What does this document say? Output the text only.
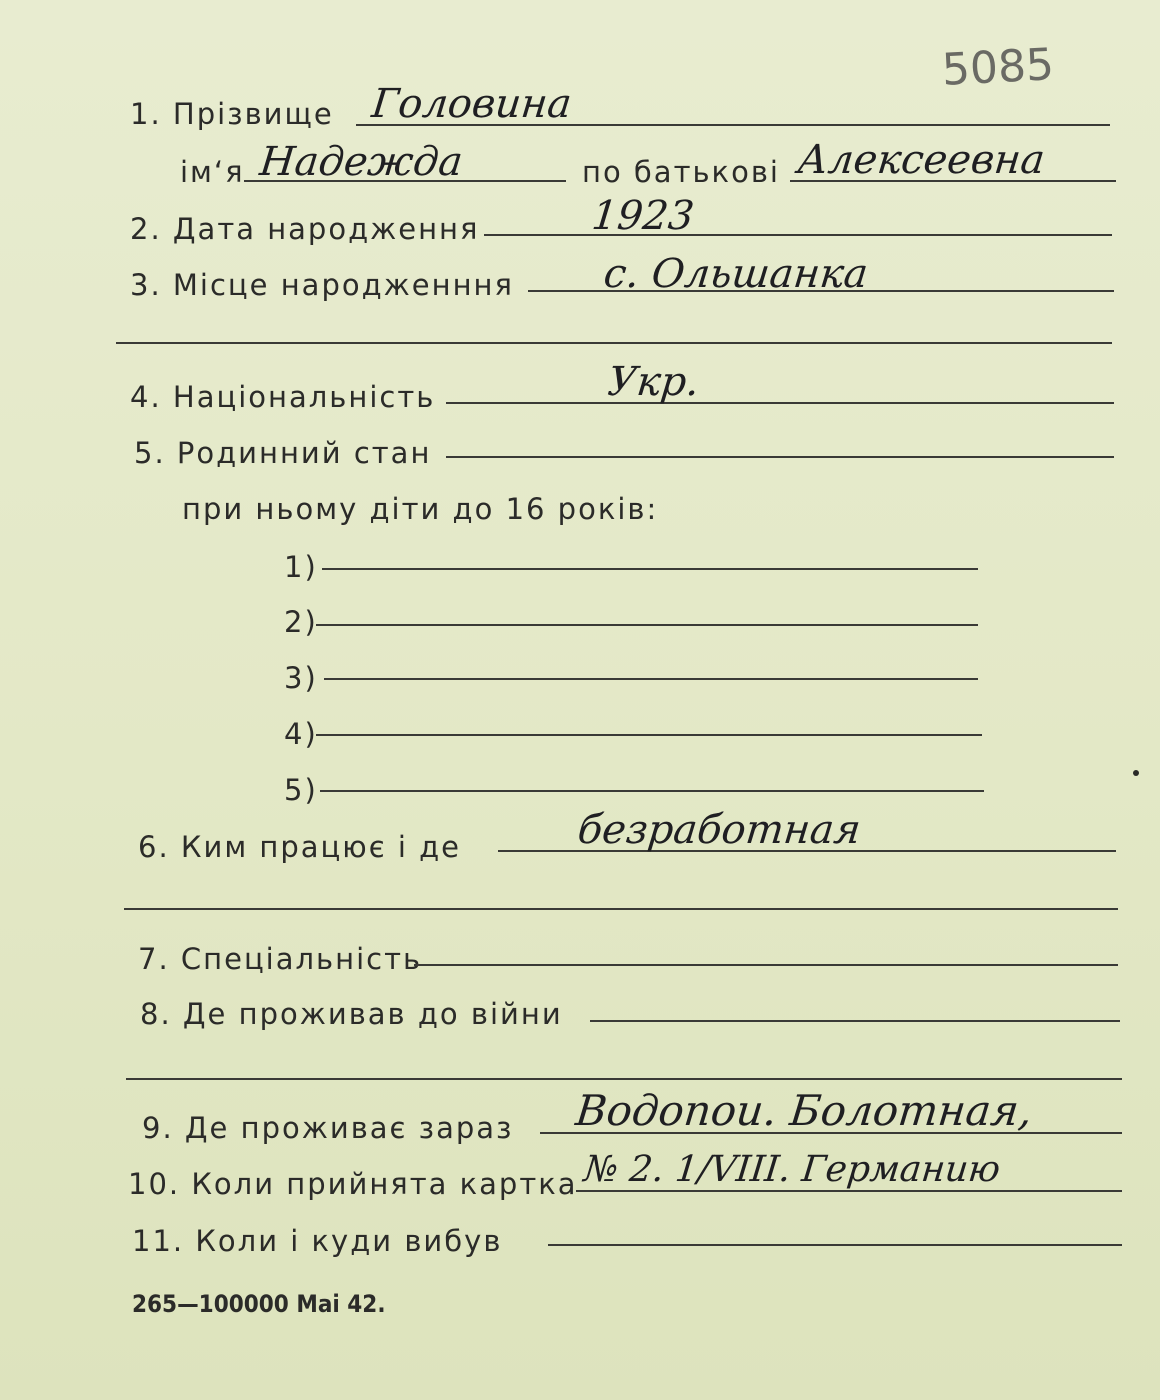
5085
1. Прізвище Головина
ім‘я Надежда	по батькові Алексеевна
2. Дата народження	1923
3. Місце народженння с. Ольшанка
4. Національність	Укр.
5. Родинний стан
при ньому діти до 16 років:
1)
2)
3)
4)
5)
6. Ким працює і де	безработная
7. Спеціальність
8. Де проживав до війни
9. Де проживає зараз Водопои. Болотная,
10. Коли прийнята картка № 2. 1/VIII. Германию
11. Коли і куди вибув
265—100000 Mai 42.
